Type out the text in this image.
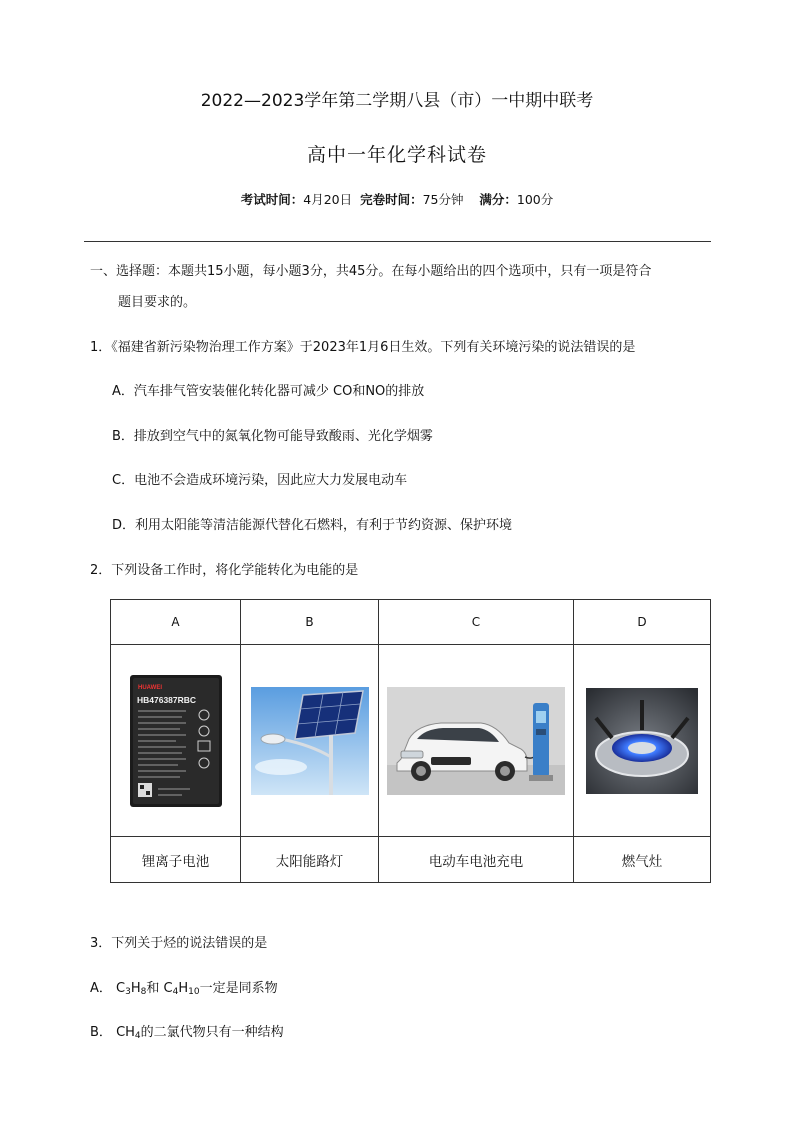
2022—2023学年第二学期八县（市）一中期中联考
高中一年化学科试卷
考试时间：4月20日 完卷时间：75分钟 满分：100分
一、选择题：本题共15小题，每小题3分，共45分。在每小题给出的四个选项中，只有一项是符合
题目要求的。
1．《福建省新污染物治理工作方案》于2023年1月6日生效。下列有关环境污染的说法错误的是
A．汽车排气管安装催化转化器可减少 CO和NO的排放
B．排放到空气中的氮氧化物可能导致酸雨、光化学烟雾
C．电池不会造成环境污染，因此应大力发展电动车
D．利用太阳能等清洁能源代替化石燃料，有利于节约资源、保护环境
2．下列设备工作时，将化学能转化为电能的是
A	B	C	D

HUAWEI
HB476387RBC

锂离子电池	太阳能路灯	电动车电池充电	燃气灶
3．下列关于烃的说法错误的是
A． $C_3H_8$和 $C_4H_{10}$一定是同系物
B． $CH_4$的二氯代物只有一种结构
